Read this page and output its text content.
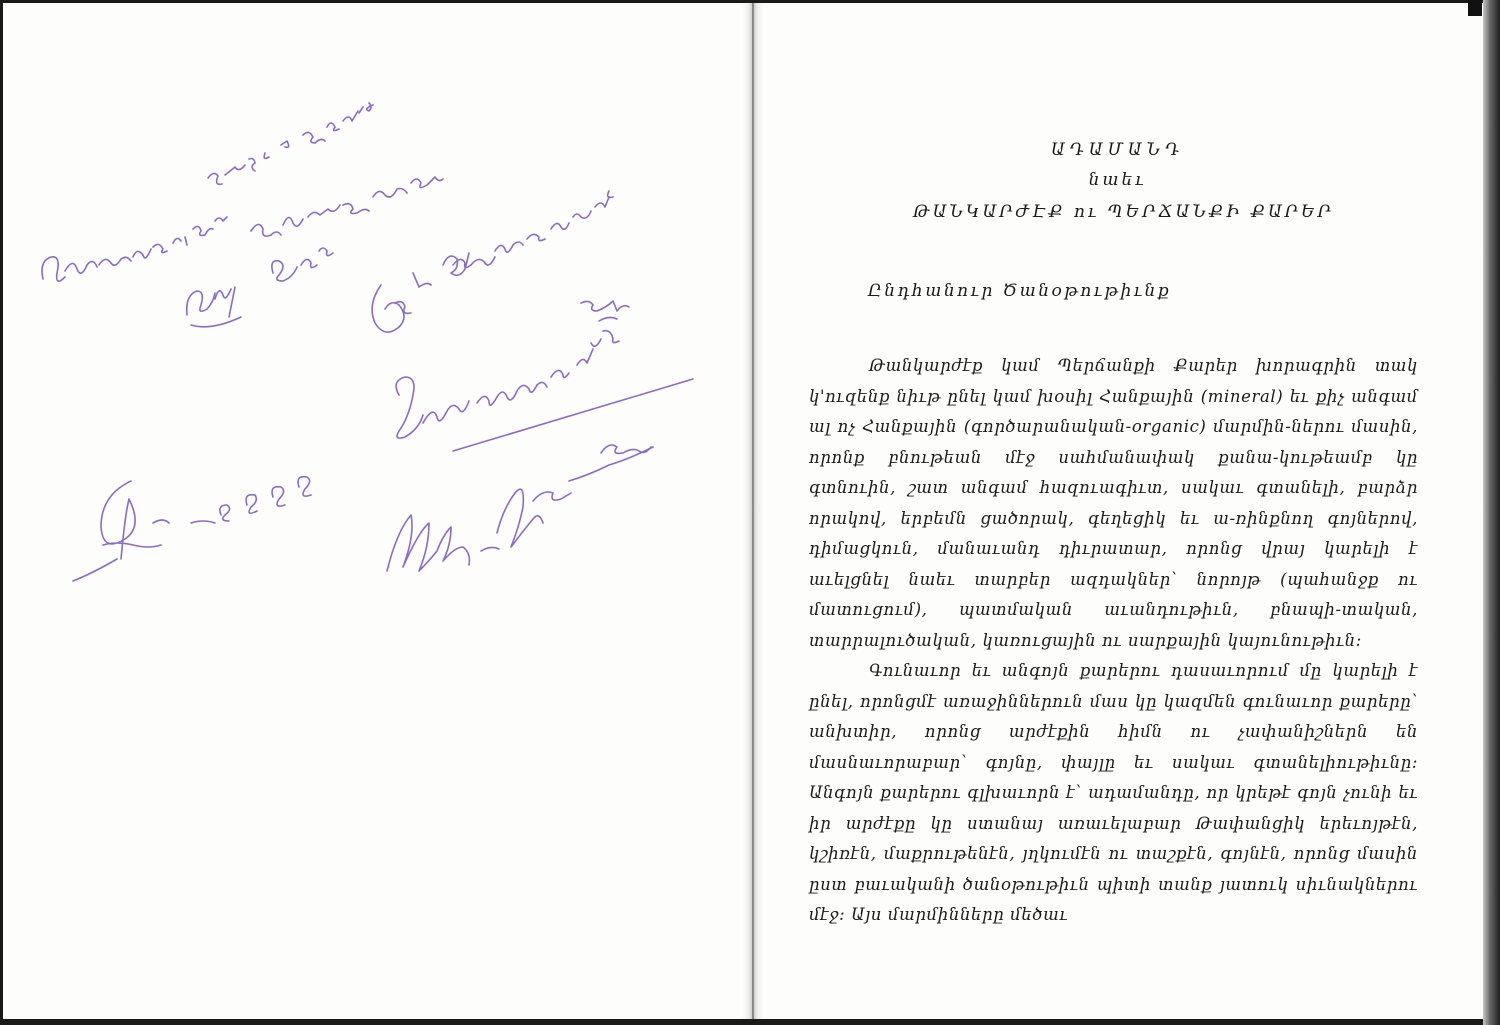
ԱԴԱՄԱՆԴ
նաեւ
ԹԱՆԿԱՐԺԷՔ ու ՊԵՐՃԱՆՔԻ ՔԱՐԵՐ
Ընդհանուր Ծանօթութիւնք

Թանկարժէք կամ Պերճանքի Քարեր խորագրին տակ կ'ուզենք նիւթ ընել կամ խօսիլ Հանքային (mineral) եւ քիչ անգամ ալ ոչ Հանքային (գործարանական-organic) մարմին-ներու մասին, որոնք բնութեան մէջ սահմանափակ քանա-կութեամբ կը գտնուին, շատ անգամ հազուագիւտ, սակաւ գտանելի, բարձր որակով, երբեմն ցածորակ, գեղեցիկ եւ ա-ռինքնող գոյներով, դիմացկուն, մանաւանդ դիւրատար, որոնց վրայ կարելի է աւելցնել նաեւ տարբեր ազդակներ՝ նորոյթ (պահանջք ու մատուցում), պատմական աւանդութիւն, բնապի-տական, տարրալուծական, կառուցային ու սարքային կայունութիւն:

Գունաւոր եւ անգոյն քարերու դասաւորում մը կարելի է ընել, որոնցմէ առաջիններուն մաս կը կազմեն գունաւոր քարերը՝ անխտիր, որոնց արժէքին հիմն ու չափանիշներն են մասնաւորաբար՝ գոյնը, փայլը եւ սակաւ գտանելիութիւնը: Անգոյն քարերու գլխաւորն է՝ ադամանդը, որ կրեթէ գոյն չունի եւ իր արժէքը կը ստանայ առաւելաբար Թափանցիկ երեւոյթէն, կշիռէն, մաքրութենէն, յղկումէն ու տաշքէն, գոյնէն, որոնց մասին ըստ բաւականի ծանօթութիւն պիտի տանք յատուկ սիւնակներու մէջ: Այս մարմինները մեծաւ
